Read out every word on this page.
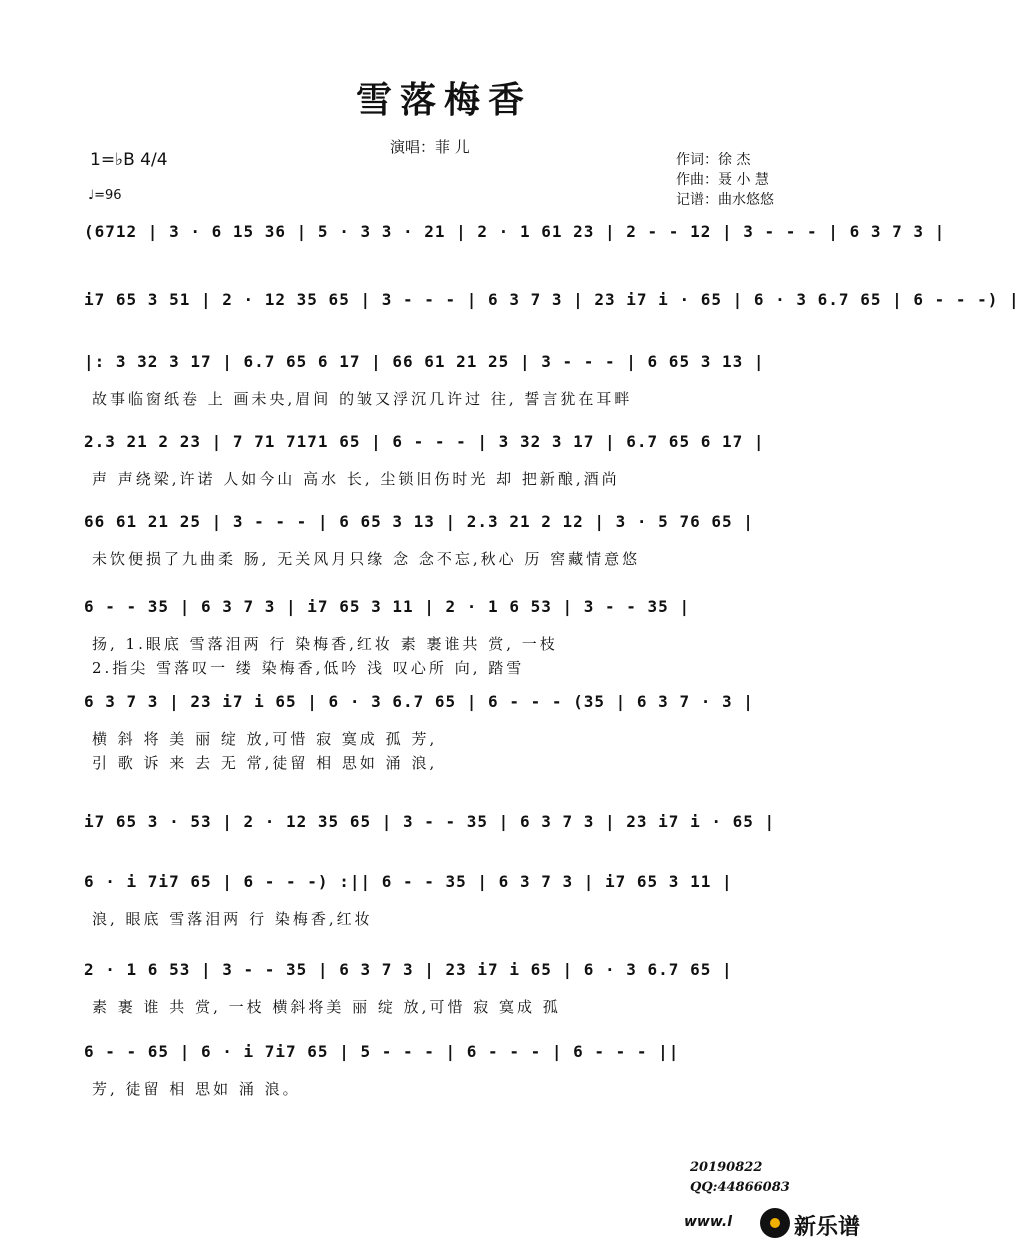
雪落梅香
演唱：菲 儿
作词：徐 杰
作曲：聂 小 慧
记谱：曲水悠悠
1=♭B 4/4
♩=96
(6712 | 3 · 6 15 36 | 5 · 3 3 · 21 | 2 · 1 61 23 | 2 - - 12 | 3 - - - | 6 3 7 3 |
i7 65 3 51 | 2 · 12 35 65 | 3 - - - | 6 3 7 3 | 23 i7 i · 65 | 6 · 3 6.7 65 | 6 - - -) |
|: 3 32 3 17 | 6.7 65 6 17 | 66 61 21 25 | 3 - - - | 6 65 3 13 |
故事临窗纸卷 上 画未央,眉间 的皱又浮沉几许过 往, 誓言犹在耳畔
2.3 21 2 23 | 7 71 7171 65 | 6 - - - | 3 32 3 17 | 6.7 65 6 17 |
声 声绕梁,许诺 人如今山 高水 长, 尘锁旧伤时光 却 把新酿,酒尚
66 61 21 25 | 3 - - - | 6 65 3 13 | 2.3 21 2 12 | 3 · 5 76 65 |
未饮便损了九曲柔 肠, 无关风月只缘 念 念不忘,秋心 历 窖藏情意悠
6 - - 35 | 6 3 7 3 | i7 65 3 11 | 2 · 1 6 53 | 3 - - 35 |
扬, 1.眼底 雪落泪两 行 染梅香,红妆 素 裹谁共 赏, 一枝
2.指尖 雪落叹一 缕 染梅香,低吟 浅 叹心所 向, 踏雪
6 3 7 3 | 23 i7 i 65 | 6 · 3 6.7 65 | 6 - - - (35 | 6 3 7 · 3 |
横 斜 将 美 丽 绽 放,可惜 寂 寞成 孤 芳,
引 歌 诉 来 去 无 常,徒留 相 思如 涌 浪,
i7 65 3 · 53 | 2 · 12 35 65 | 3 - - 35 | 6 3 7 3 | 23 i7 i · 65 |
6 · i 7i7 65 | 6 - - -) :|| 6 - - 35 | 6 3 7 3 | i7 65 3 11 |
浪, 眼底 雪落泪两 行 染梅香,红妆
2 · 1 6 53 | 3 - - 35 | 6 3 7 3 | 23 i7 i 65 | 6 · 3 6.7 65 |
素 裹 谁 共 赏, 一枝 横斜将美 丽 绽 放,可惜 寂 寞成 孤
6 - - 65 | 6 · i 7i7 65 | 5 - - - | 6 - - - | 6 - - - ||
芳, 徒留 相 思如 涌 浪。
20190822
QQ:44866083
www.l	新乐谱
